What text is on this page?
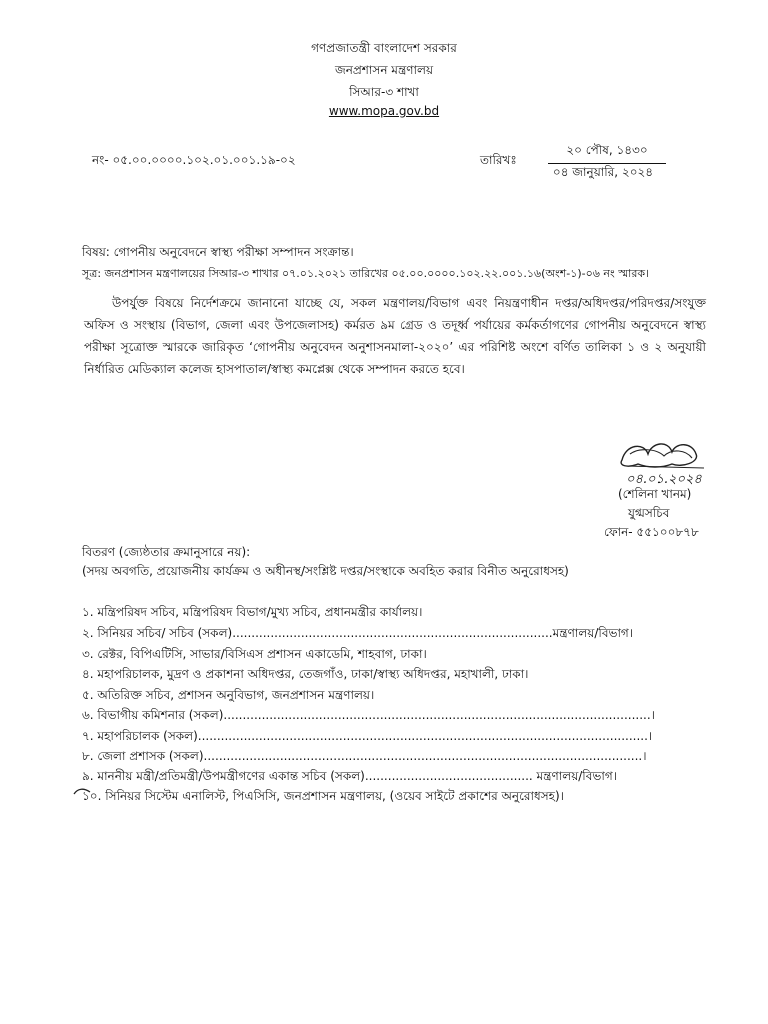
গণপ্রজাতন্ত্রী বাংলাদেশ সরকার
জনপ্রশাসন মন্ত্রণালয়
সিআর-৩ শাখা
www.mopa.gov.bd
নং- ০৫.০০.০০০০.১০২.০১.০০১.১৯-০২	তারিখঃ
২০ পৌষ, ১৪৩০
০৪ জানুয়ারি, ২০২৪
বিষয়: গোপনীয় অনুবেদনে স্বাস্থ্য পরীক্ষা সম্পাদন সংক্রান্ত।
সূত্র: জনপ্রশাসন মন্ত্রণালয়ের সিআর-৩ শাখার ০৭.০১.২০২১ তারিখের ০৫.০০.০০০০.১০২.২২.০০১.১৬(অংশ-১)-০৬ নং স্মারক।
উপর্যুক্ত বিষয়ে নির্দেশক্রমে জানানো যাচ্ছে যে, সকল মন্ত্রণালয়/বিভাগ এবং নিয়ন্ত্রণাধীন দপ্তর/অধিদপ্তর/পরিদপ্তর/সংযুক্ত অফিস ও সংস্থায় (বিভাগ, জেলা এবং উপজেলাসহ) কর্মরত ৯ম গ্রেড ও তদূর্ধ্ব পর্যায়ের কর্মকর্তাগণের গোপনীয় অনুবেদনে স্বাস্থ্য পরীক্ষা সূত্রোক্ত স্মারকে জারিকৃত ‘গোপনীয় অনুবেদন অনুশাসনমালা-২০২০’ এর পরিশিষ্ট অংশে বর্ণিত তালিকা ১ ও ২ অনুযায়ী নির্ধারিত মেডিক্যাল কলেজ হাসপাতাল/স্বাস্থ্য কমপ্লেক্স থেকে সম্পাদন করতে হবে।
০৪.০১.২০২৪
(শেলিনা খানম)
যুগ্মসচিব
ফোন- ৫৫১০০৮৭৮
বিতরণ (জ্যেষ্ঠতার ক্রমানুসারে নয়):
(সদয় অবগতি, প্রয়োজনীয় কার্যক্রম ও অধীনস্থ/সংশ্লিষ্ট দপ্তর/সংস্থাকে অবহিত করার বিনীত অনুরোধসহ)
১. মন্ত্রিপরিষদ সচিব, মন্ত্রিপরিষদ বিভাগ/মুখ্য সচিব, প্রধানমন্ত্রীর কার্যালয়।
২. সিনিয়র সচিব/ সচিব (সকল)....................................................................................মন্ত্রণালয়/বিভাগ।
৩. রেক্টর, বিপিএটিসি, সাভার/বিসিএস প্রশাসন একাডেমি, শাহবাগ, ঢাকা।
৪. মহাপরিচালক, মুদ্রণ ও প্রকাশনা অধিদপ্তর, তেজগাঁও, ঢাকা/স্বাস্থ্য অধিদপ্তর, মহাখালী, ঢাকা।
৫. অতিরিক্ত সচিব, প্রশাসন অনুবিভাগ, জনপ্রশাসন মন্ত্রণালয়।
৬. বিভাগীয় কমিশনার (সকল)................................................................................................................।
৭. মহাপরিচালক (সকল)......................................................................................................................।
৮. জেলা প্রশাসক (সকল)...................................................................................................................।
৯. মাননীয় মন্ত্রী/প্রতিমন্ত্রী/উপমন্ত্রীগণের একান্ত সচিব (সকল)............................................ মন্ত্রণালয়/বিভাগ।
১০. সিনিয়র সিস্টেম এনালিস্ট, পিএসিসি, জনপ্রশাসন মন্ত্রণালয়, (ওয়েব সাইটে প্রকাশের অনুরোধসহ)।
